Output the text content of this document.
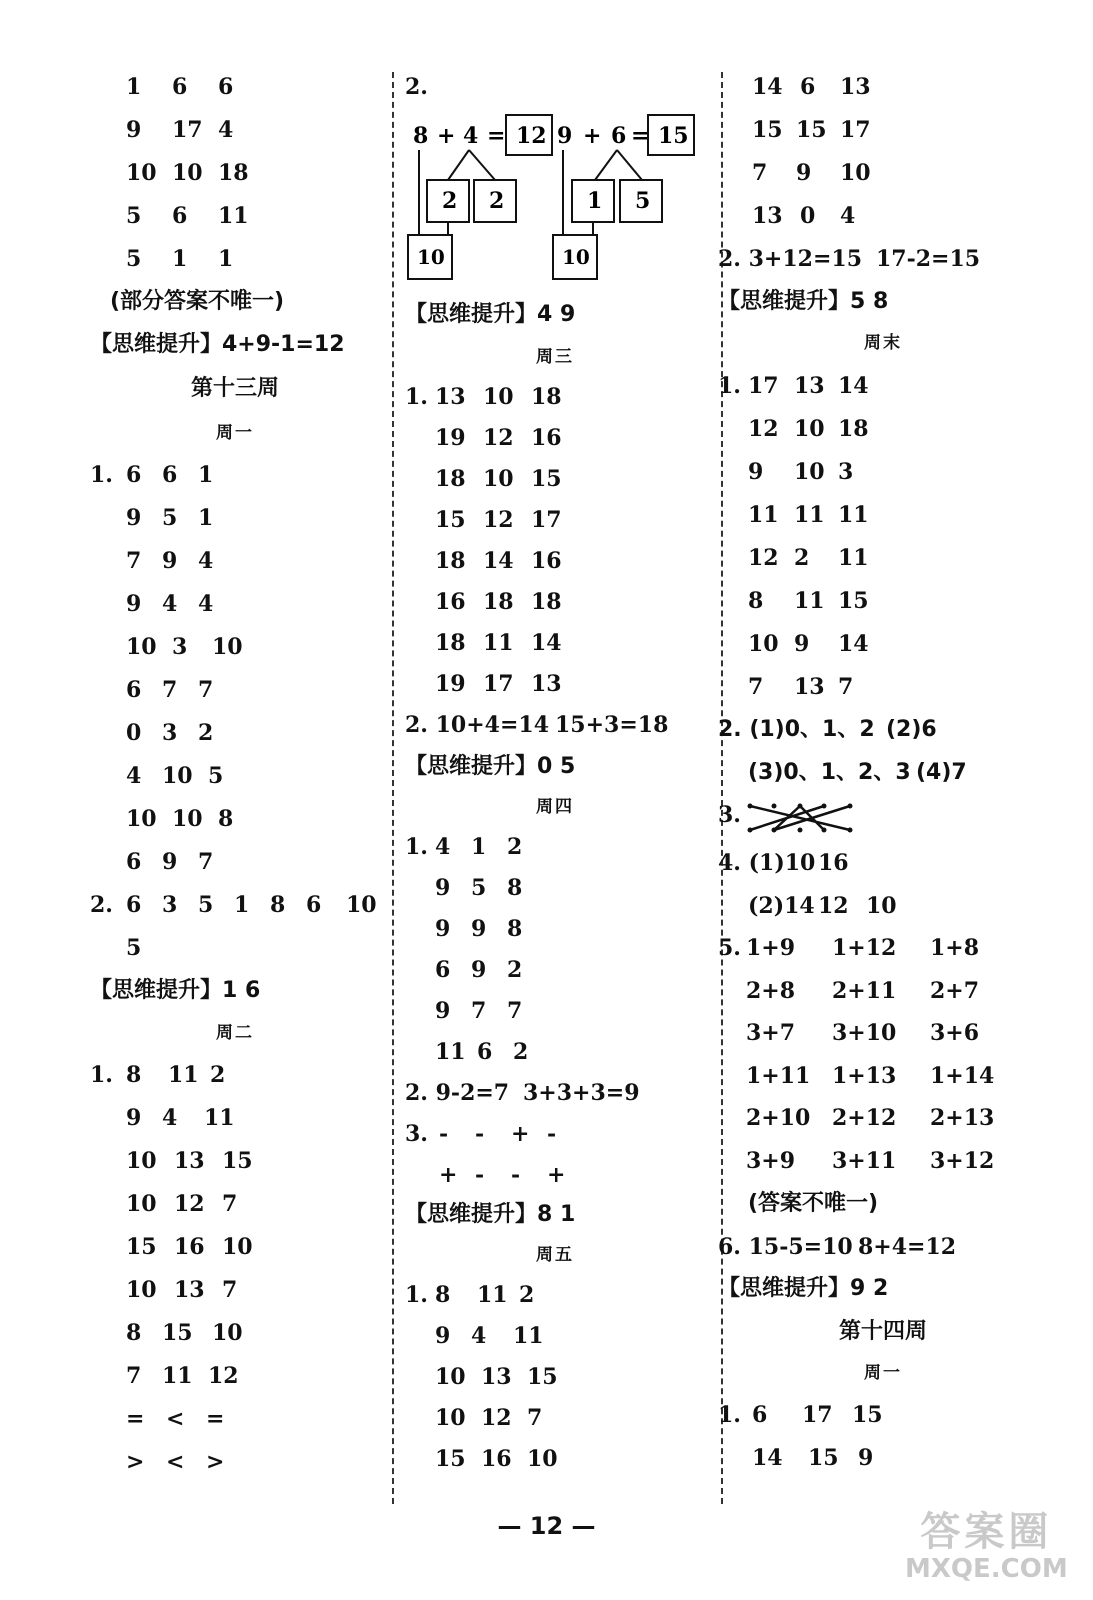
1 6 6
9 17 4
10 10 18
5 6 11
5 1 1
(部分答案不唯一)
【思维提升】4+9-1=12
第十三周
周一
1. 6 6 1
9 5 1
7 9 4
9 4 4
10 3 10
6 7 7
0 3 2
4 10 5
10 10 8
6 9 7
2. 6 3 5 1 8 6 10
5
【思维提升】1 6
周二
1. 8 11 2
9 4 11
10 13 15
10 12 7
15 16 10
10 13 7
8 15 10
7 11 12
= < =
> < >
2.
8 + 4 = 12
2 2
10
9 + 6 = 15
1 5
10
【思维提升】4 9
周三
1. 13 10 18
19 12 16
18 10 15
15 12 17
18 14 16
16 18 18
18 11 14
19 17 13
2. 10+4=14 15+3=18
【思维提升】0 5
周四
1. 4 1 2
9 5 8
9 9 8
6 9 2
9 7 7
11 6 2
2. 9-2=7 3+3+3=9
3. - - + -
+ - - +
【思维提升】8 1
周五
1. 8 11 2
9 4 11
10 13 15
10 12 7
15 16 10
14 6 13
15 15 17
7 9 10
13 0 4
2. 3+12=15 17-2=15
【思维提升】5 8
周末
1. 17 13 14
12 10 18
9 10 3
11 11 11
12 2 11
8 11 15
10 9 14
7 13 7
2. (1)0、1、2 (2)6
(3)0、1、2、3 (4)7
3.
4. (1)10 16
(2)14 12 10
5. 1+9 1+12 1+8
2+8 2+11 2+7
3+7 3+10 3+6
1+11 1+13 1+14
2+10 2+12 2+13
3+9 3+11 3+12
(答案不唯一)
6. 15-5=10 8+4=12
【思维提升】9 2
第十四周
周一
1. 6 17 15
14 15 9
— 12 —	答案圈
MXQE.COM
